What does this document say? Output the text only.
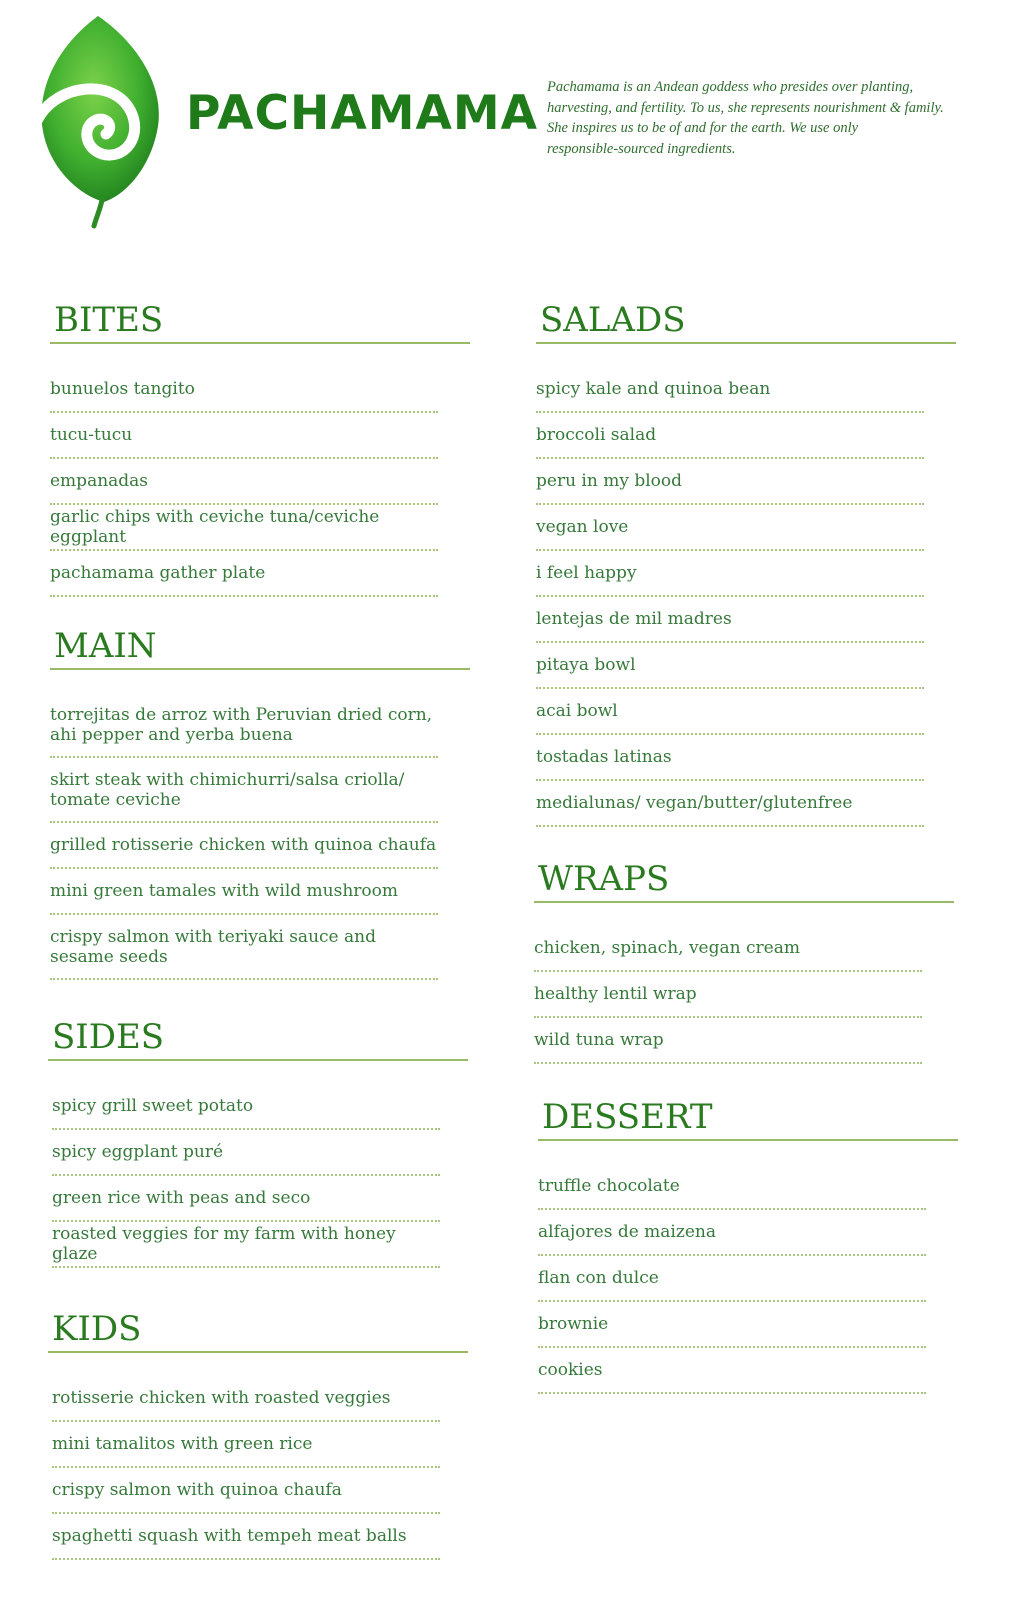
PACHAMAMA Pachamama is an Andean goddess who presides over planting,
harvesting, and fertility. To us, she represents nourishment & family.
She inspires us to be of and for the earth. We use only
responsible-sourced ingredients.
BITES
bunuelos tangito
tucu-tucu
empanadas
garlic chips with ceviche tuna/ceviche eggplant
pachamama gather plate
MAIN
torrejitas de arroz with Peruvian dried corn,
ahi pepper and yerba buena
skirt steak with chimichurri/salsa criolla/
tomate ceviche
grilled rotisserie chicken with quinoa chaufa
mini green tamales with wild mushroom
crispy salmon with teriyaki sauce and
sesame seeds
SIDES
spicy grill sweet potato
spicy eggplant puré
green rice with peas and seco
roasted veggies for my farm with honey glaze
KIDS
rotisserie chicken with roasted veggies
mini tamalitos with green rice
crispy salmon with quinoa chaufa
spaghetti squash with tempeh meat balls
SALADS
spicy kale and quinoa bean
broccoli salad
peru in my blood
vegan love
i feel happy
lentejas de mil madres
pitaya bowl
acai bowl
tostadas latinas
medialunas/ vegan/butter/glutenfree
WRAPS
chicken, spinach, vegan cream
healthy lentil wrap
wild tuna wrap
DESSERT
truffle chocolate
alfajores de maizena
flan con dulce
brownie
cookies
